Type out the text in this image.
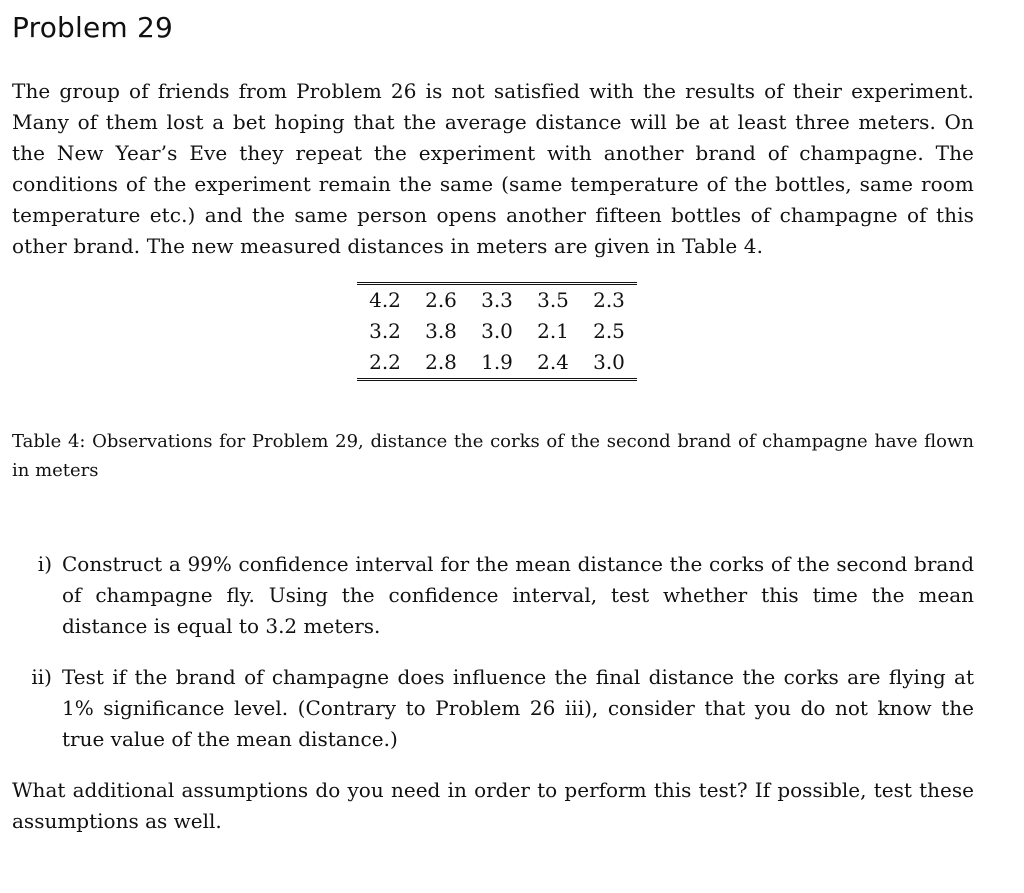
Problem 29

The group of friends from Problem 26 is not satisfied with the results of their experiment. Many of them lost a bet hoping that the average distance will be at least three meters. On the New Year’s Eve they repeat the experiment with another brand of champagne. The conditions of the experiment remain the same (same temperature of the bottles, same room temperature etc.) and the same person opens another fifteen bottles of champagne of this other brand. The new measured distances in meters are given in Table 4.

4.2	2.6	3.3	3.5	2.3
3.2	3.8	3.0	2.1	2.5
2.2	2.8	1.9	2.4	3.0

Table 4: Observations for Problem 29, distance the corks of the second brand of champagne have flown in meters

i) Construct a 99% confidence interval for the mean distance the corks of the second brand of champagne fly. Using the confidence interval, test whether this time the mean distance is equal to 3.2 meters.
ii) Test if the brand of champagne does influence the final distance the corks are flying at 1% significance level. (Contrary to Problem 26 iii), consider that you do not know the true value of the mean distance.)

What additional assumptions do you need in order to perform this test? If possible, test these assumptions as well.
